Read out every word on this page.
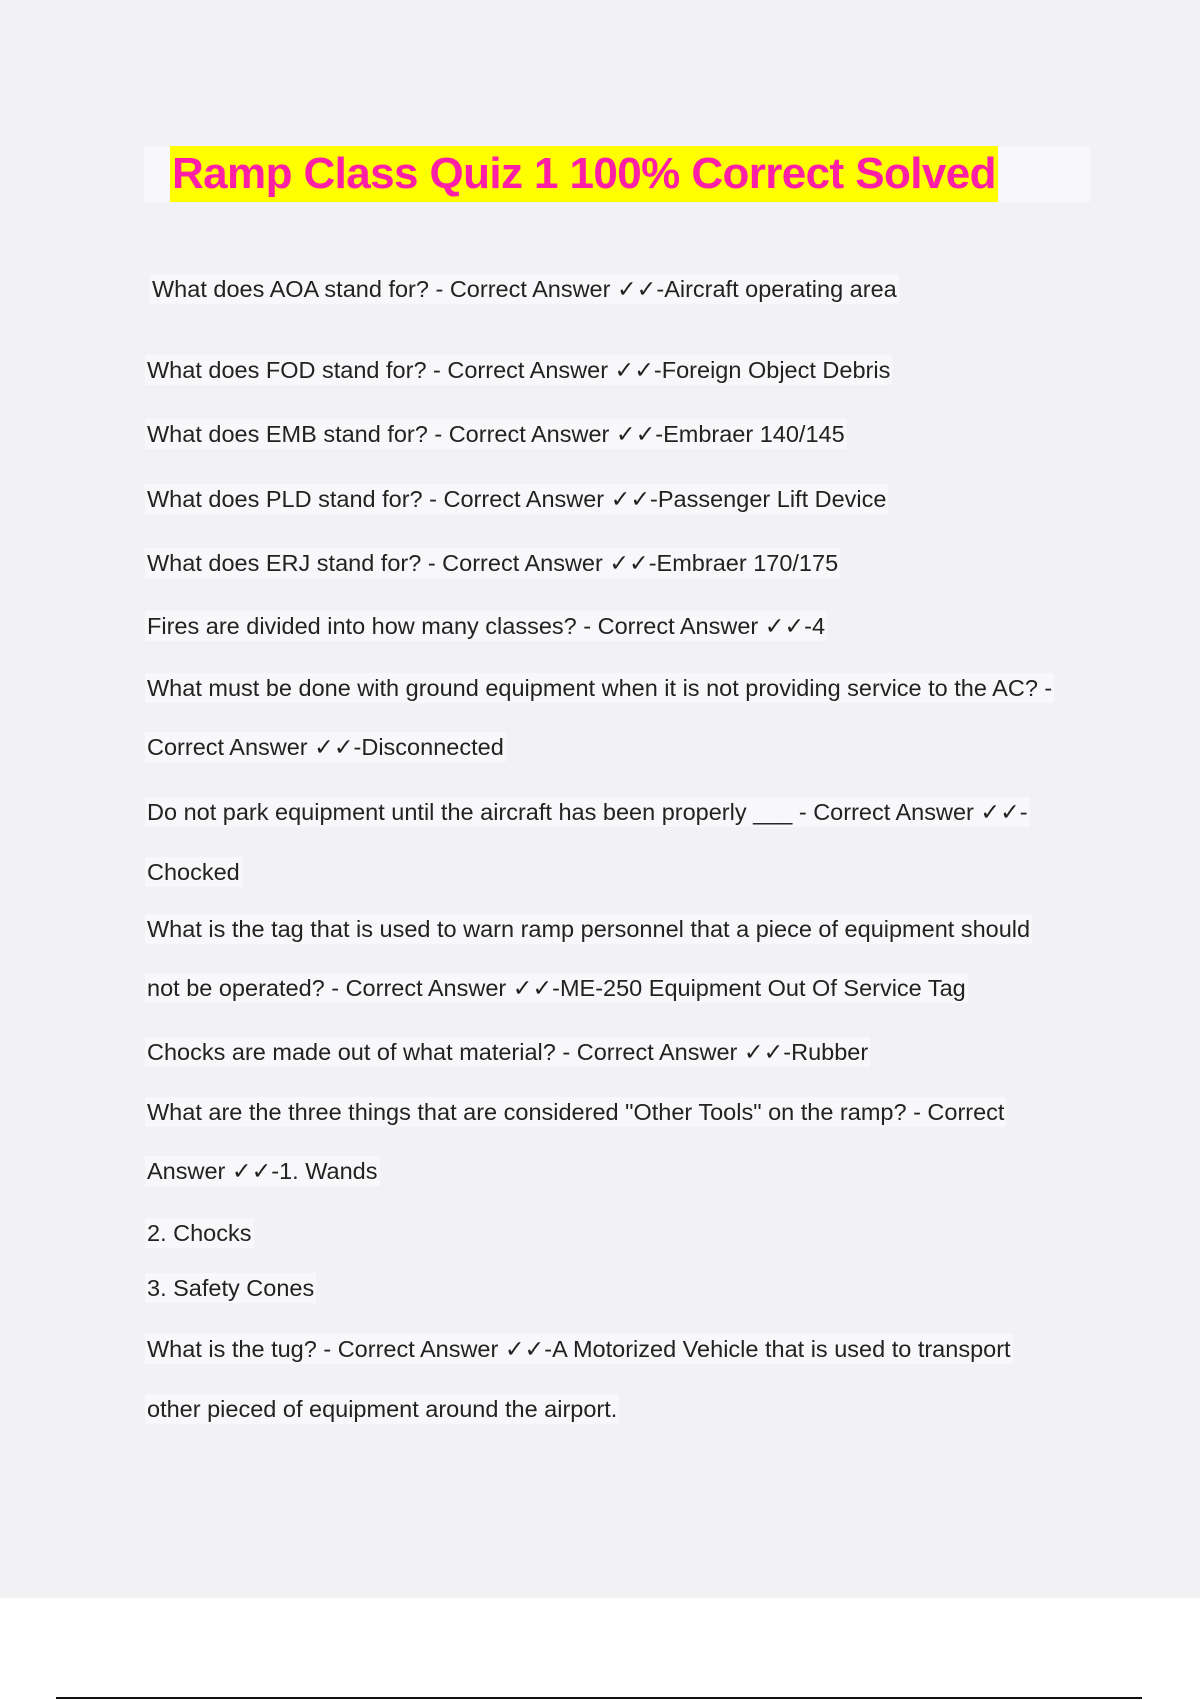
Ramp Class Quiz 1 100% Correct Solved
What does AOA stand for? - Correct Answer ✓✓-Aircraft operating area
What does FOD stand for? - Correct Answer ✓✓-Foreign Object Debris
What does EMB stand for? - Correct Answer ✓✓-Embraer 140/145
What does PLD stand for? - Correct Answer ✓✓-Passenger Lift Device
What does ERJ stand for? - Correct Answer ✓✓-Embraer 170/175
Fires are divided into how many classes? - Correct Answer ✓✓-4
What must be done with ground equipment when it is not providing service to the AC? -
Correct Answer ✓✓-Disconnected
Do not park equipment until the aircraft has been properly ___ - Correct Answer ✓✓-
Chocked
What is the tag that is used to warn ramp personnel that a piece of equipment should
not be operated? - Correct Answer ✓✓-ME-250 Equipment Out Of Service Tag
Chocks are made out of what material? - Correct Answer ✓✓-Rubber
What are the three things that are considered "Other Tools" on the ramp? - Correct
Answer ✓✓-1. Wands
2. Chocks
3. Safety Cones
What is the tug? - Correct Answer ✓✓-A Motorized Vehicle that is used to transport
other pieced of equipment around the airport.
